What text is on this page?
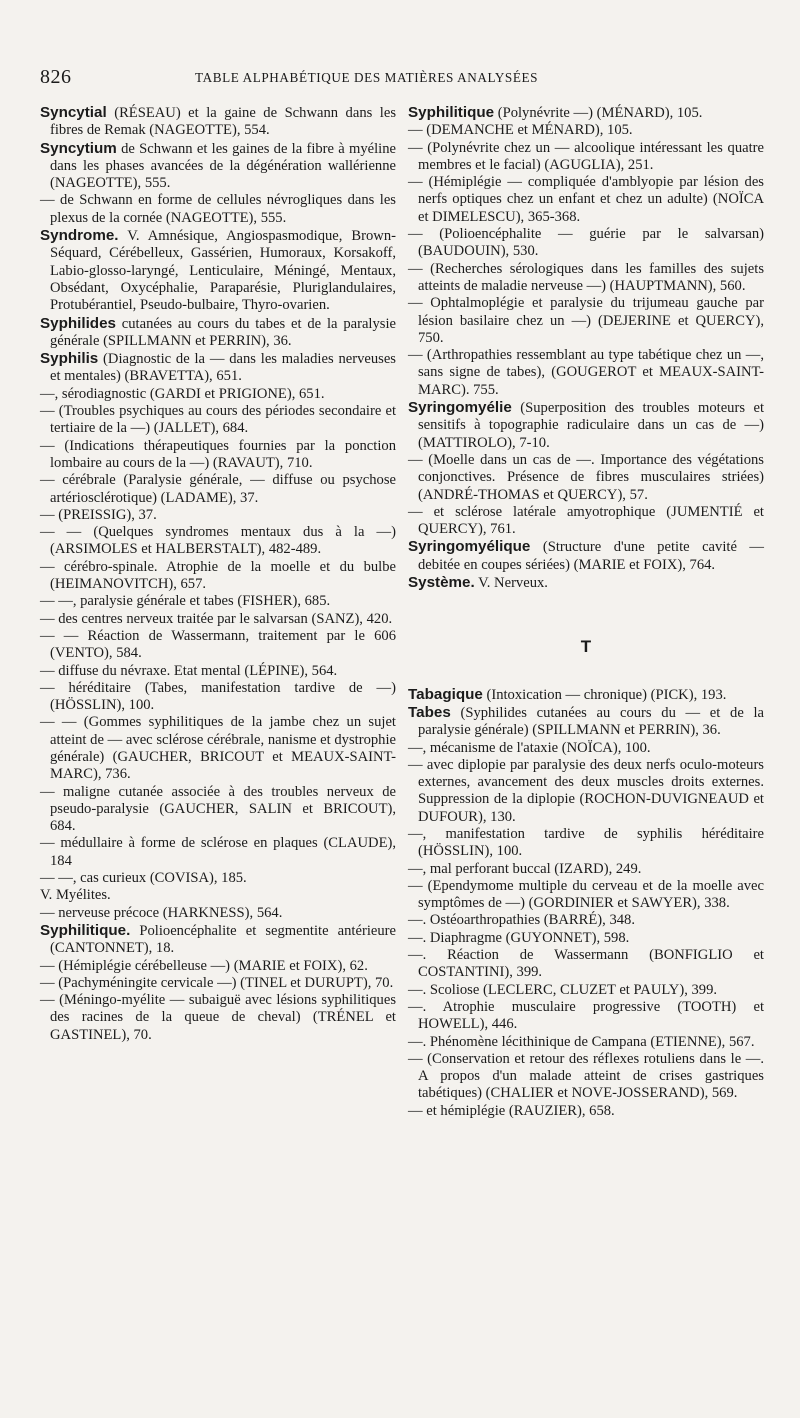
826	TABLE ALPHABÉTIQUE DES MATIÈRES ANALYSÉES

Syncytial (RÉSEAU) et la gaine de Schwann dans les fibres de Remak (NAGEOTTE), 554.

Syncytium de Schwann et les gaines de la fibre à myéline dans les phases avancées de la dégénération wallérienne (NAGEOTTE), 555.

— de Schwann en forme de cellules névrogliques dans les plexus de la cornée (NAGEOTTE), 555.

Syndrome. V. Amnésique, Angiospasmodique, Brown-Séquard, Cérébelleux, Gassérien, Humoraux, Korsakoff, Labio-glosso-laryngé, Lenticulaire, Méningé, Mentaux, Obsédant, Oxycéphalie, Paraparésie, Pluriglandulaires, Protubérantiel, Pseudo-bulbaire, Thyro-ovarien.

Syphilides cutanées au cours du tabes et de la paralysie générale (SPILLMANN et PERRIN), 36.

Syphilis (Diagnostic de la — dans les maladies nerveuses et mentales) (BRAVETTA), 651.

—, sérodiagnostic (GARDI et PRIGIONE), 651.

— (Troubles psychiques au cours des périodes secondaire et tertiaire de la —) (JALLET), 684.

— (Indications thérapeutiques fournies par la ponction lombaire au cours de la —) (RAVAUT), 710.

— cérébrale (Paralysie générale, — diffuse ou psychose artériosclérotique) (LADAME), 37.

— (PREISSIG), 37.

— — (Quelques syndromes mentaux dus à la —) (ARSIMOLES et HALBERSTALT), 482-489.

— cérébro-spinale. Atrophie de la moelle et du bulbe (HEIMANOVITCH), 657.

— —, paralysie générale et tabes (FISHER), 685.

— des centres nerveux traitée par le salvarsan (SANZ), 420.

— — Réaction de Wassermann, traitement par le 606 (VENTO), 584.

— diffuse du névraxe. Etat mental (LÉPINE), 564.

— héréditaire (Tabes, manifestation tardive de —) (HÖSSLIN), 100.

— — (Gommes syphilitiques de la jambe chez un sujet atteint de — avec sclérose cérébrale, nanisme et dystrophie générale) (GAUCHER, BRICOUT et MEAUX-SAINT-MARC), 736.

— maligne cutanée associée à des troubles nerveux de pseudo-paralysie (GAUCHER, SALIN et BRICOUT), 684.

— médullaire à forme de sclérose en plaques (CLAUDE), 184

— —, cas curieux (COVISA), 185.

V. Myélites.

— nerveuse précoce (HARKNESS), 564.

Syphilitique. Polioencéphalite et segmentite antérieure (CANTONNET), 18.

— (Hémiplégie cérébelleuse —) (MARIE et FOIX), 62.

— (Pachyméningite cervicale —) (TINEL et DURUPT), 70.

— (Méningo-myélite — subaiguë avec lésions syphilitiques des racines de la queue de cheval) (TRÉNEL et GASTINEL), 70.

Syphilitique (Polynévrite —) (MÉNARD), 105.

— (DEMANCHE et MÉNARD), 105.

— (Polynévrite chez un — alcoolique intéressant les quatre membres et le facial) (AGUGLIA), 251.

— (Hémiplégie — compliquée d'amblyopie par lésion des nerfs optiques chez un enfant et chez un adulte) (NOÏCA et DIMELESCU), 365-368.

— (Polioencéphalite — guérie par le salvarsan) (BAUDOUIN), 530.

— (Recherches sérologiques dans les familles des sujets atteints de maladie nerveuse —) (HAUPTMANN), 560.

— Ophtalmoplégie et paralysie du trijumeau gauche par lésion basilaire chez un —) (DEJERINE et QUERCY), 750.

— (Arthropathies ressemblant au type tabétique chez un —, sans signe de tabes), (GOUGEROT et MEAUX-SAINT-MARC). 755.

Syringomyélie (Superposition des troubles moteurs et sensitifs à topographie radiculaire dans un cas de —) (MATTIROLO), 7-10.

— (Moelle dans un cas de —. Importance des végétations conjonctives. Présence de fibres musculaires striées) (ANDRÉ-THOMAS et QUERCY), 57.

— et sclérose latérale amyotrophique (JUMENTIÉ et QUERCY), 761.

Syringomyélique (Structure d'une petite cavité — debitée en coupes sériées) (MARIE et FOIX), 764.

Système. V. Nerveux.

T

Tabagique (Intoxication — chronique) (PICK), 193.

Tabes (Syphilides cutanées au cours du — et de la paralysie générale) (SPILLMANN et PERRIN), 36.

—, mécanisme de l'ataxie (NOÏCA), 100.

— avec diplopie par paralysie des deux nerfs oculo-moteurs externes, avancement des deux muscles droits externes. Suppression de la diplopie (ROCHON-DUVIGNEAUD et DUFOUR), 130.

—, manifestation tardive de syphilis héréditaire (HÖSSLIN), 100.

—, mal perforant buccal (IZARD), 249.

— (Ependymome multiple du cerveau et de la moelle avec symptômes de —) (GORDINIER et SAWYER), 338.

—. Ostéoarthropathies (BARRÉ), 348.

—. Diaphragme (GUYONNET), 598.

—. Réaction de Wassermann (BONFIGLIO et COSTANTINI), 399.

—. Scoliose (LECLERC, CLUZET et PAULY), 399.

—. Atrophie musculaire progressive (TOOTH) et HOWELL), 446.

—. Phénomène lécithinique de Campana (ETIENNE), 567.

— (Conservation et retour des réflexes rotuliens dans le —. A propos d'un malade atteint de crises gastriques tabétiques) (CHALIER et NOVE-JOSSERAND), 569.

— et hémiplégie (RAUZIER), 658.
